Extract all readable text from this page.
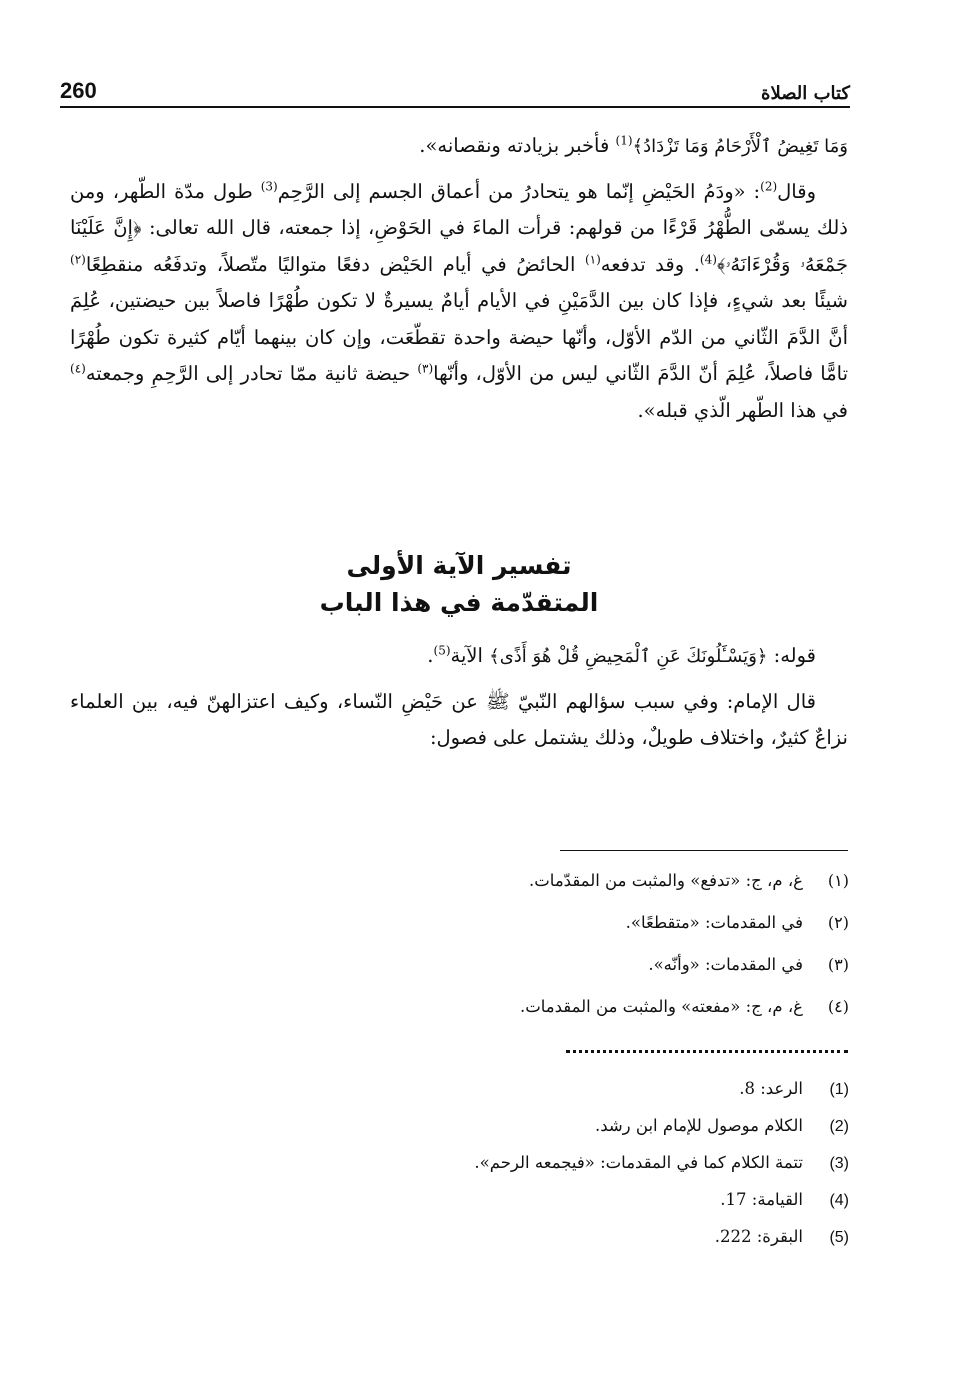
260	كتاب الصلاة

وَمَا تَغِيضُ ٱلْأَرْحَامُ وَمَا تَزْدَادُ﴾$^{(1)}$ فأخبر بزيادته ونقصانه».

وقال$^{(2)}$: «ودَمُ الحَيْضِ إنّما هو يتحادرُ من أعماق الجسم إلى الرَّحِم$^{(3)}$ طول مدّة الطّهر، ومن ذلك يسمّى الطُّهْرُ قَرْءًا من قولهم: قرأت الماءَ في الحَوْضِ، إذا جمعته، قال الله تعالى: ﴿إِنَّ عَلَيْنَا جَمْعَهُۥ وَقُرْءَانَهُۥ﴾$^{(4)}$. وقد تدفعه$^{(١)}$ الحائضُ في أيام الحَيْض دفعًا متواليًا متّصلاً، وتدفَعُه منقطِعًا$^{(٢)}$ شيئًا بعد شيءٍ، فإذا كان بين الدَّمَيْنِ في الأيام أيامٌ يسيرةٌ لا تكون طُهْرًا فاصلاً بين حيضتين، عُلِمَ أنَّ الدَّمَ الثّاني من الدّم الأوّل، وأنّها حيضة واحدة تقطّعَت، وإن كان بينهما أيّام كثيرة تكون طُهْرًا تامًّا فاصلاً، عُلِمَ أنّ الدَّمَ الثّاني ليس من الأوّل، وأنّها$^{(٣)}$ حيضة ثانية ممّا تحادر إلى الرَّحِمِ وجمعته$^{(٤)}$ في هذا الطّهر الّذي قبله».

تفسير الآية الأولى
المتقدّمة في هذا الباب

قوله: ﴿وَيَسْـَٔلُونَكَ عَنِ ٱلْمَحِيضِ قُلْ هُوَ أَذًى﴾ الآية$^{(5)}$.

قال الإمام: وفي سبب سؤالهم النّبيّ ﷺ عن حَيْضِ النّساء، وكيف اعتزالهنّ فيه، بين العلماء نزاعٌ كثيرٌ، واختلاف طويلٌ، وذلك يشتمل على فصول:

(١)
غ، م، ج: «تدفع» والمثبت من المقدّمات.
(٢)
في المقدمات: «متقطعًا».
(٣)
في المقدمات: «وأنّه».
(٤)
غ، م، ج: «مفعته» والمثبت من المقدمات.
(1)
الرعد: 8.
(2)
الكلام موصول للإمام ابن رشد.
(3)
تتمة الكلام كما في المقدمات: «فيجمعه الرحم».
(4)
القيامة: 17.
(5)
البقرة: 222.
